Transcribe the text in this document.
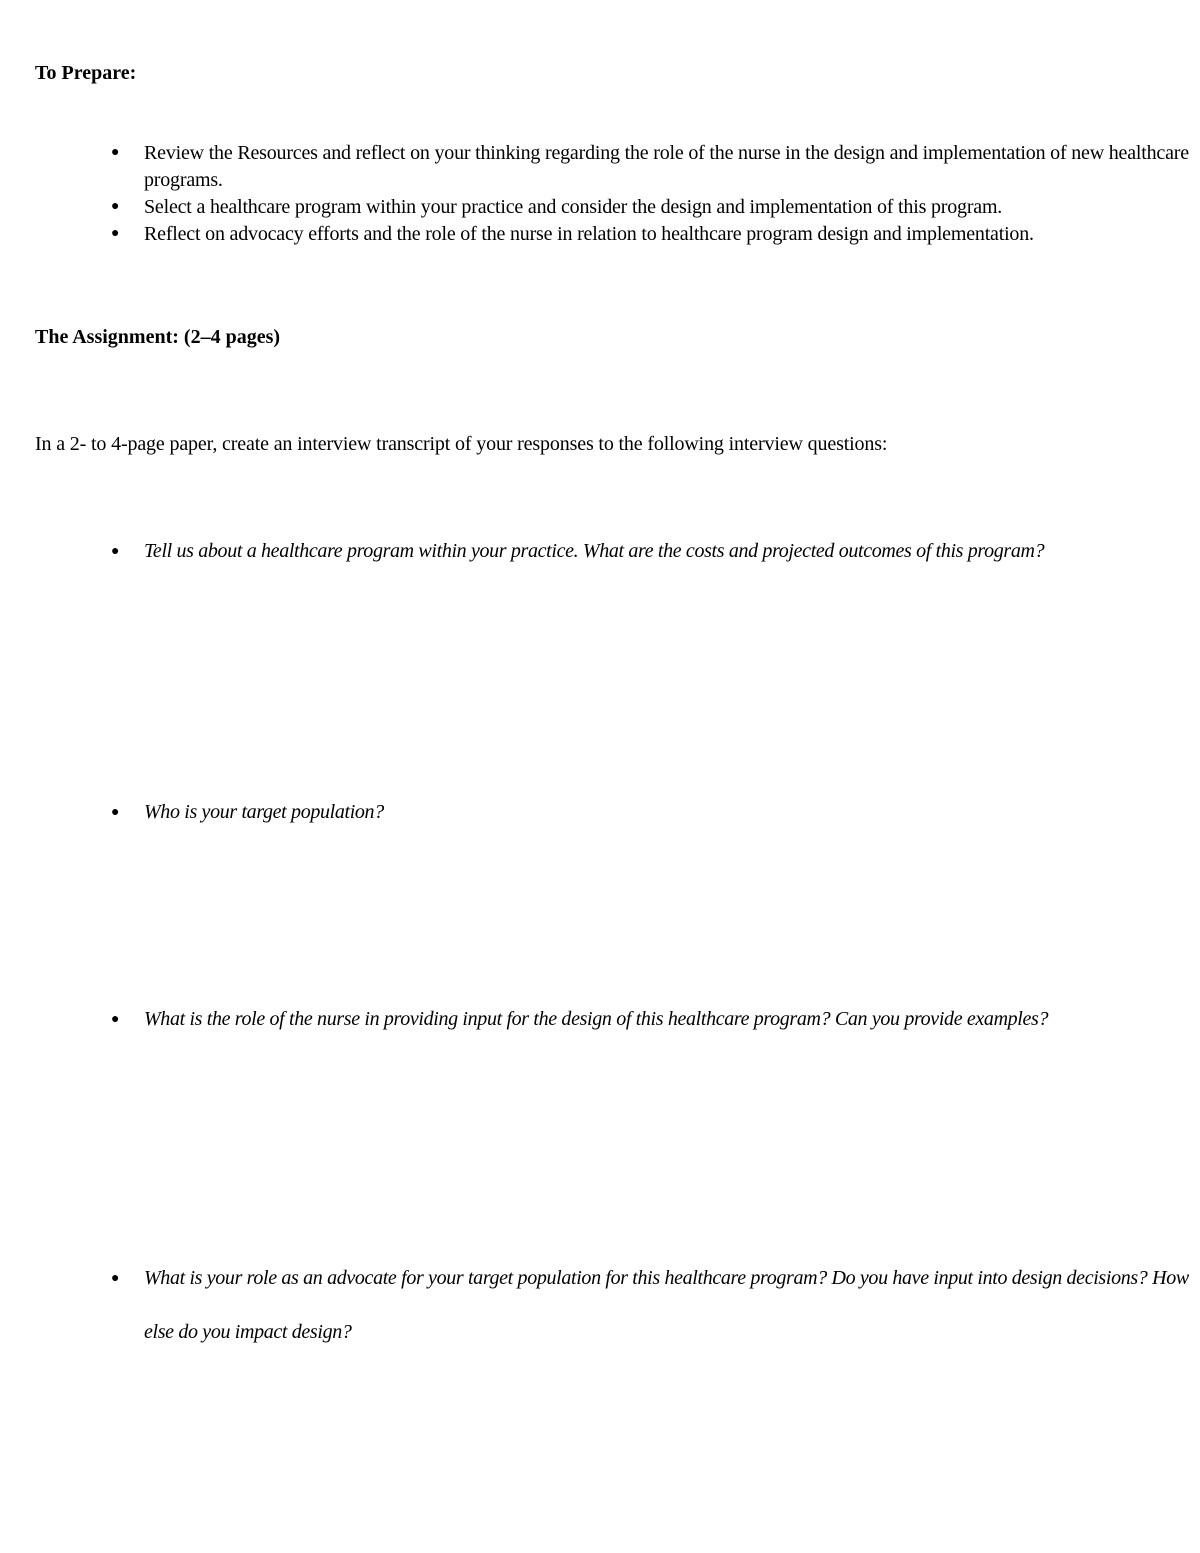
To Prepare:
● Review the Resources and reflect on your thinking regarding the role of the nurse in the design and implementation of new healthcare programs.
● Select a healthcare program within your practice and consider the design and implementation of this program.
● Reflect on advocacy efforts and the role of the nurse in relation to healthcare program design and implementation.
The Assignment: (2–4 pages)
In a 2- to 4-page paper, create an interview transcript of your responses to the following interview questions:
● Tell us about a healthcare program within your practice. What are the costs and projected outcomes of this program?
● Who is your target population?
● What is the role of the nurse in providing input for the design of this healthcare program? Can you provide examples?
● What is your role as an advocate for your target population for this healthcare program? Do you have input into design decisions? How else do you impact design?
